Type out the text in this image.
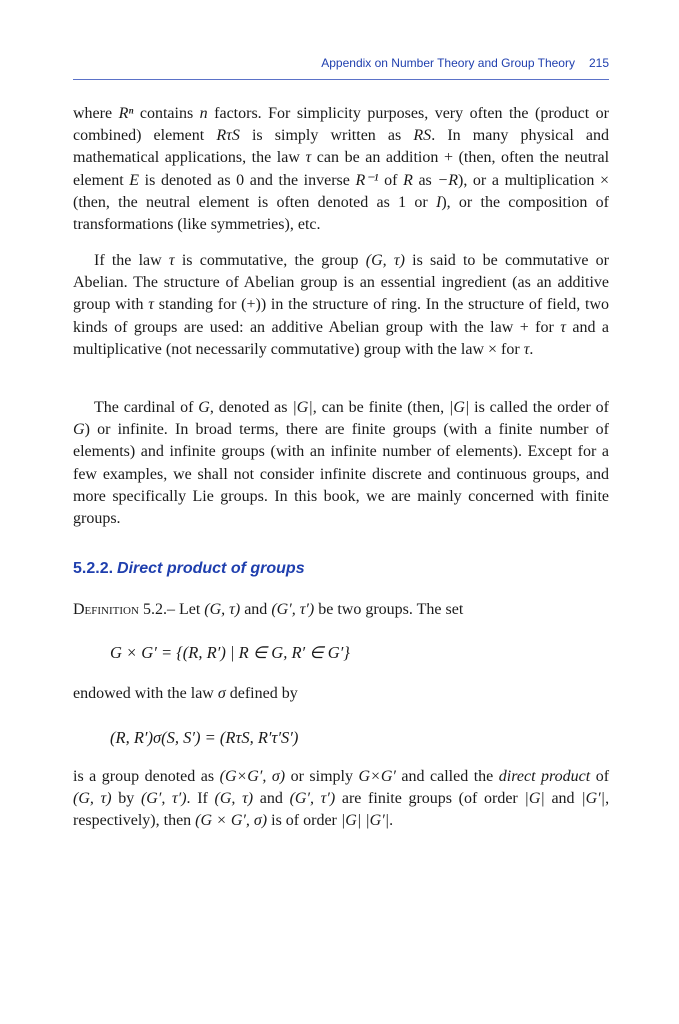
Appendix on Number Theory and Group Theory 215
where Rⁿ contains n factors. For simplicity purposes, very often the (product or combined) element RτS is simply written as RS. In many physical and mathematical applications, the law τ can be an addition + (then, often the neutral element E is denoted as 0 and the inverse R⁻¹ of R as −R), or a multiplication × (then, the neutral element is often denoted as 1 or I), or the composition of transformations (like symmetries), etc.
If the law τ is commutative, the group (G, τ) is said to be commutative or Abelian. The structure of Abelian group is an essential ingredient (as an additive group with τ standing for (+)) in the structure of ring. In the structure of field, two kinds of groups are used: an additive Abelian group with the law + for τ and a multiplicative (not necessarily commutative) group with the law × for τ.
The cardinal of G, denoted as |G|, can be finite (then, |G| is called the order of G) or infinite. In broad terms, there are finite groups (with a finite number of elements) and infinite groups (with an infinite number of elements). Except for a few examples, we shall not consider infinite discrete and continuous groups, and more specifically Lie groups. In this book, we are mainly concerned with finite groups.
5.2.2. Direct product of groups
Definition 5.2.– Let (G, τ) and (G′, τ′) be two groups. The set
G × G′ = {(R, R′) | R ∈ G, R′ ∈ G′}
endowed with the law σ defined by
(R, R′)σ(S, S′) = (RτS, R′τ′S′)
is a group denoted as (G×G′, σ) or simply G×G′ and called the direct product of (G, τ) by (G′, τ′). If (G, τ) and (G′, τ′) are finite groups (of order |G| and |G′|, respectively), then (G × G′, σ) is of order |G| |G′|.
